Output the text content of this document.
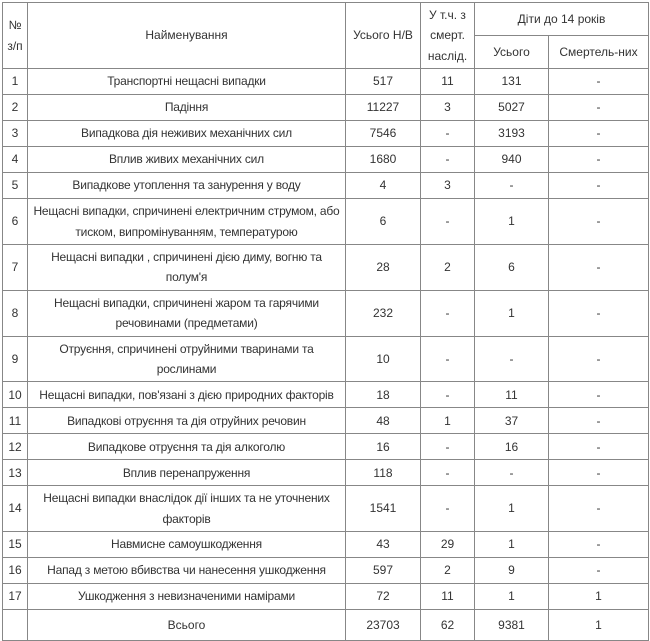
№ з/п	Найменування	Усього Н/В	У т.ч. з смерт. наслід.	Діти до 14 років	
				Усього	Смертель-них
1	Транспортні нещасні випадки	517	11	131	-
2	Падіння	11227	3	5027	-
3	Випадкова дія неживих механічних сил	7546	-	3193	-
4	Вплив живих механічних сил	1680	-	940	-
5	Випадкове утоплення та занурення у воду	4	3	-	-
6	Нещасні випадки, спричинені електричним струмом, або тиском, випромінуванням, температурою	6	-	1	-
7	Нещасні випадки , спричинені дією диму, вогню та полум'я	28	2	6	-
8	Нещасні випадки, спричинені жаром та гарячими речовинами (предметами)	232	-	1	-
9	Отруєння, спричинені отруйними тваринами та рослинами	10	-	-	-
10	Нещасні випадки, пов'язані з дією природних факторів	18	-	11	-
11	Випадкові отруєння та дія отруйних речовин	48	1	37	-
12	Випадкове отруєння та дія алкоголю	16	-	16	-
13	Вплив перенапруження	118	-	-	-
14	Нещасні випадки внаслідок дії інших та не уточнених факторів	1541	-	1	-
15	Навмисне самоушкодження	43	29	1	-
16	Напад з метою вбивства чи нанесення ушкодження	597	2	9	-
17	Ушкодження з невизначеними намірами	72	11	1	1
	Всього	23703	62	9381	1
